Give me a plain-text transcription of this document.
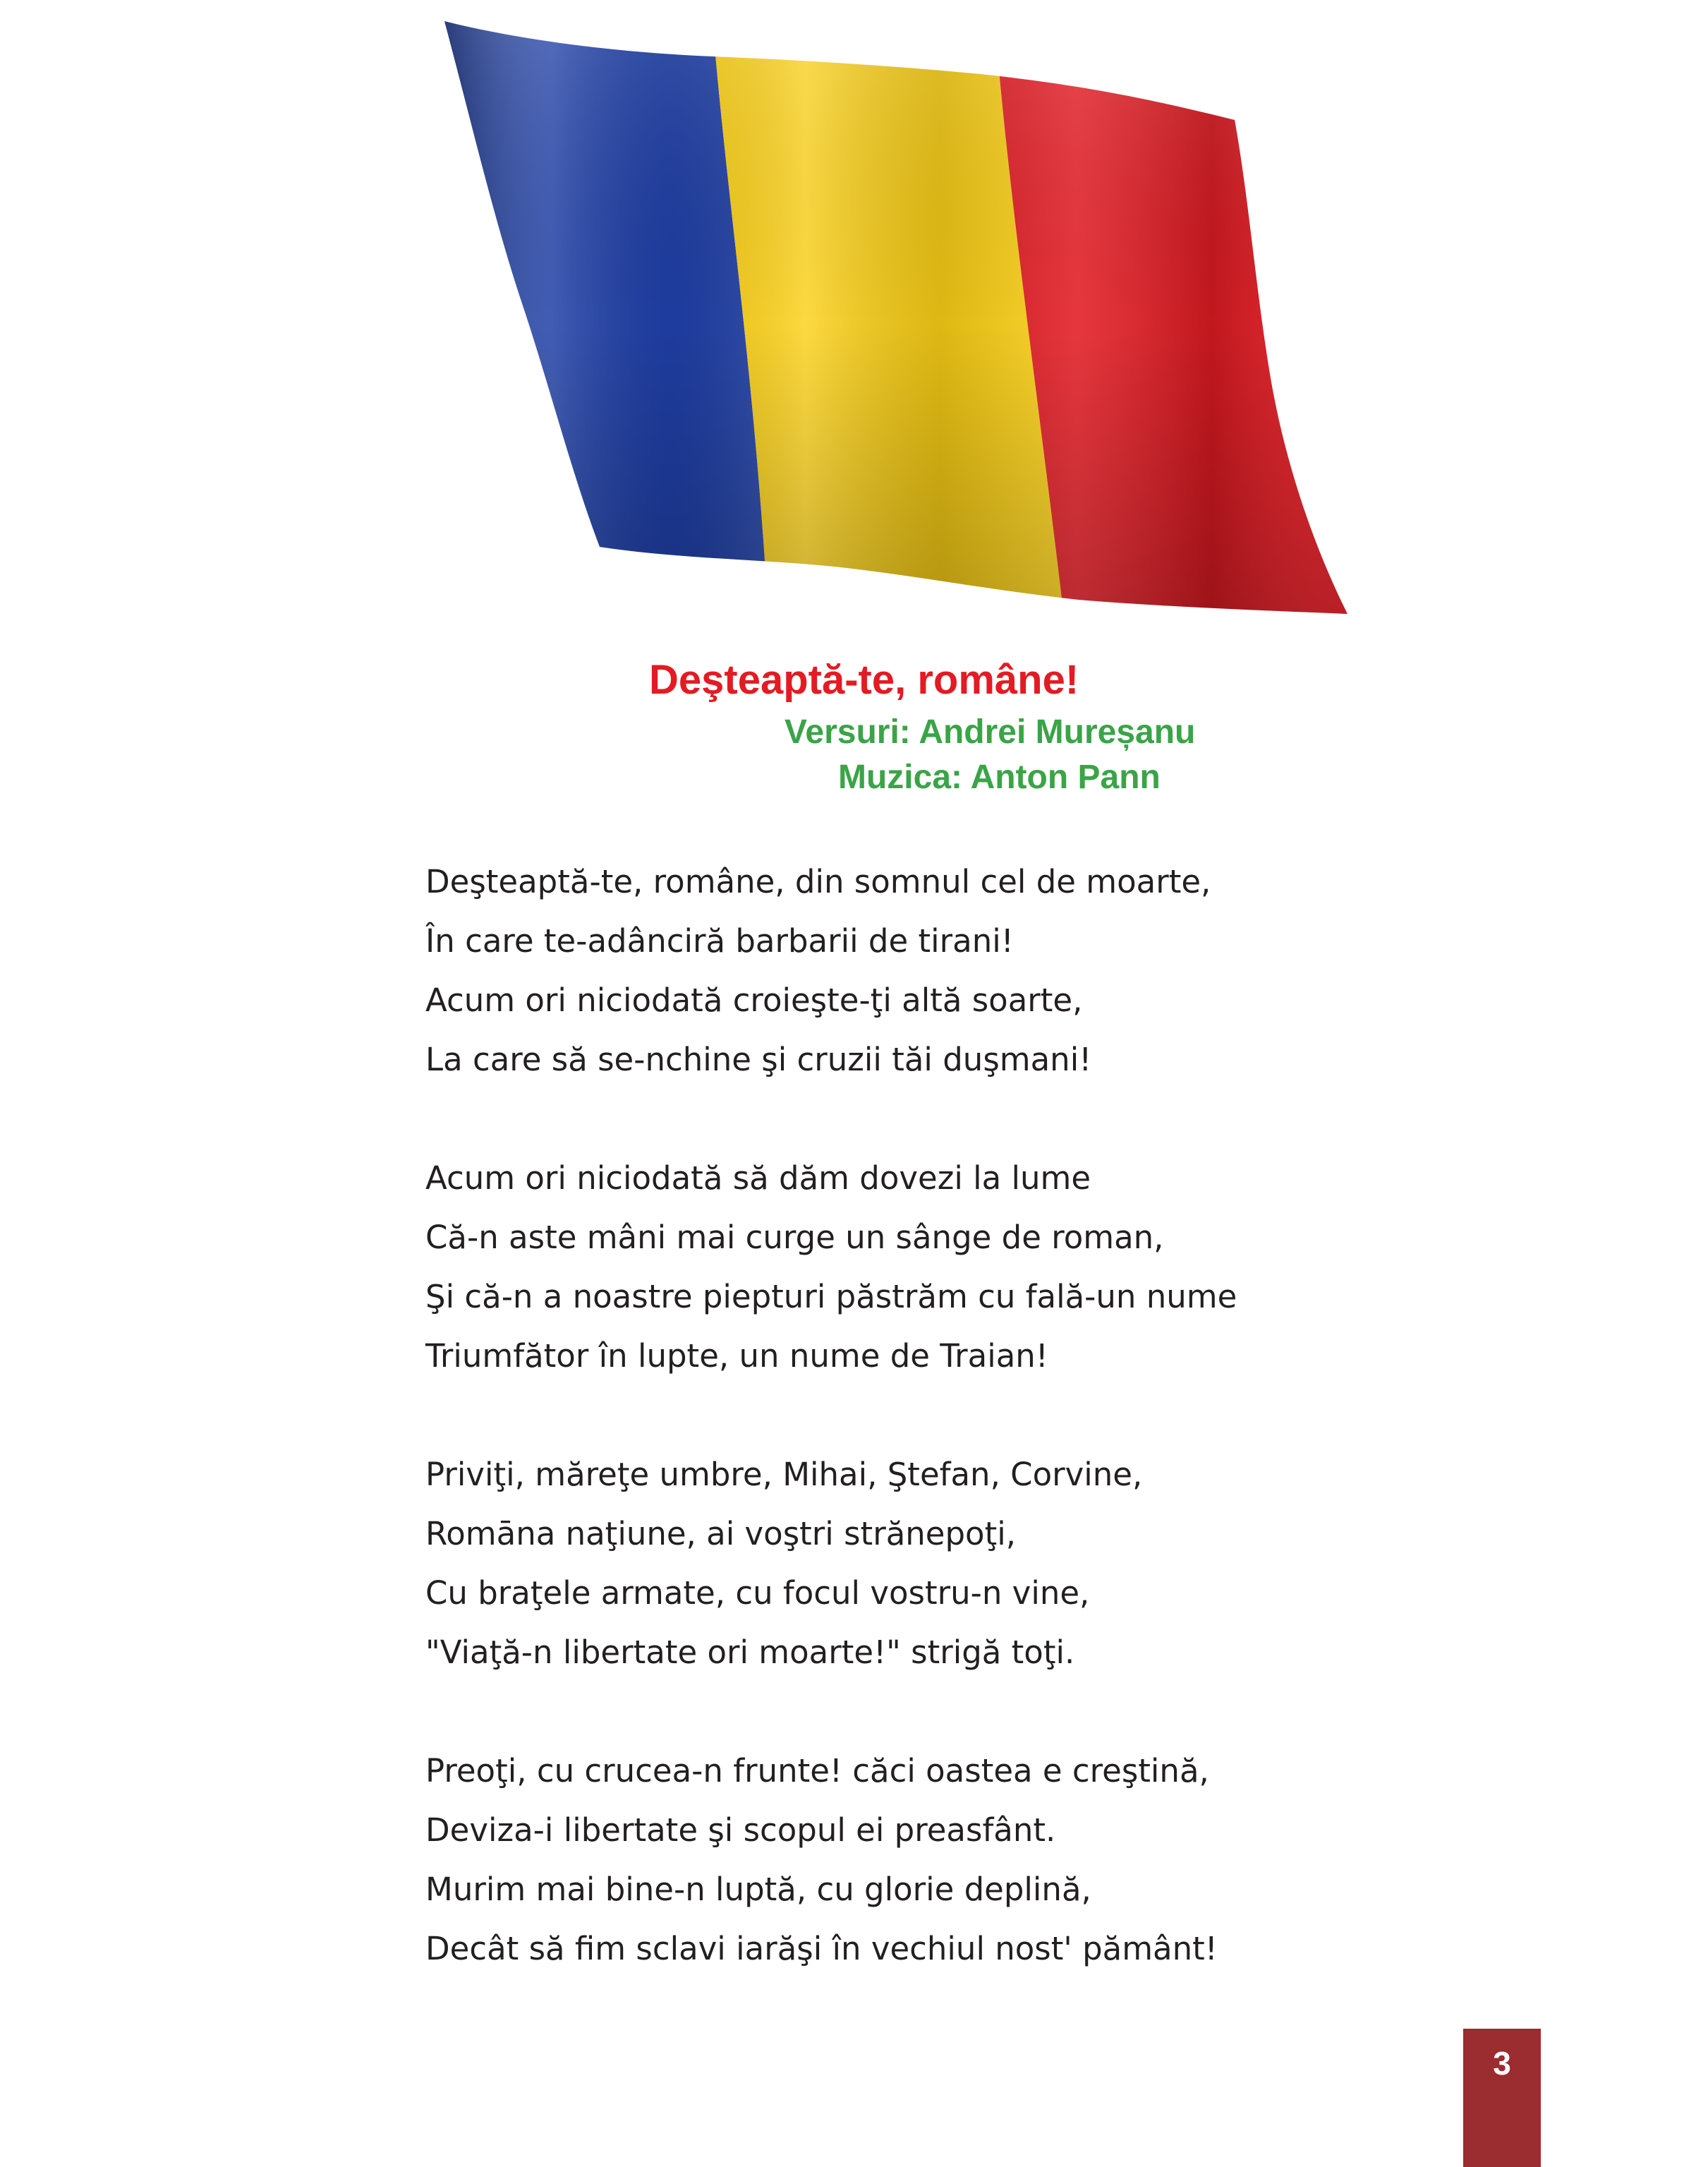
Deşteaptă-te, române!
Versuri: Andrei Mureșanu
Muzica: Anton Pann
Deşteaptă-te, române, din somnul cel de moarte,
În care te-adânciră barbarii de tirani!
Acum ori niciodată croieşte-ţi altă soarte,
La care să se-nchine şi cruzii tăi duşmani!
Acum ori niciodată să dăm dovezi la lume
Că-n aste mâni mai curge un sânge de roman,
Şi că-n a noastre piepturi păstrăm cu fală-un nume
Triumfător în lupte, un nume de Traian!
Priviţi, măreţe umbre, Mihai, Ştefan, Corvine,
Romāna naţiune, ai voştri strănepoţi,
Cu braţele armate, cu focul vostru-n vine,
"Viaţă-n libertate ori moarte!" strigă toţi.
Preoţi, cu crucea-n frunte! căci oastea e creştină,
Deviza-i libertate şi scopul ei preasfânt.
Murim mai bine-n luptă, cu glorie deplină,
Decât să fim sclavi iarăşi în vechiul nost' pământ!
3
